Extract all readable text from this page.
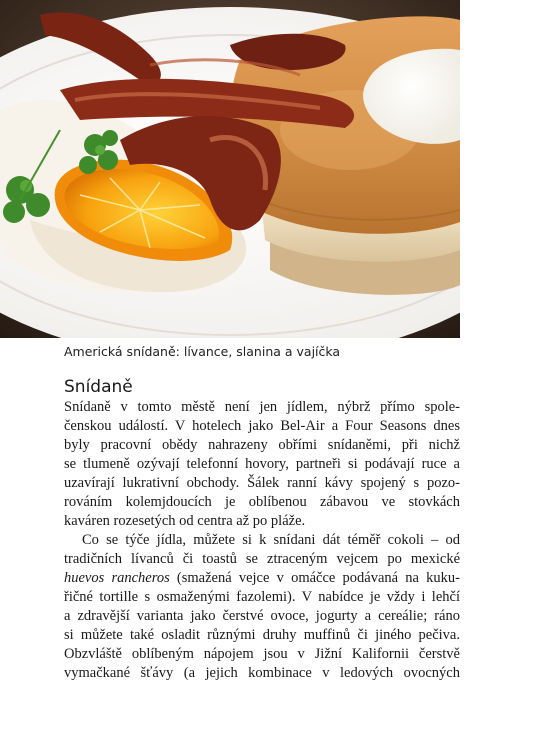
Americká snídaně: lívance, slanina a vajíčka
Snídaně
Snídaně v tomto městě není jen jídlem, nýbrž přímo spole-
čenskou událostí. V hotelech jako Bel-Air a Four Seasons dnes
byly pracovní obědy nahrazeny obřími snídaněmi, při nichž
se tlumeně ozývají telefonní hovory, partneři si podávají ruce a
uzavírají lukrativní obchody. Šálek ranní kávy spojený s pozo-
rováním kolemjdoucích je oblíbenou zábavou ve stovkách
kaváren rozesetých od centra až po pláže.
Co se týče jídla, můžete si k snídani dát téměř cokoli – od
tradičních lívanců či toastů se ztraceným vejcem po mexické
huevos rancheros (smažená vejce v omáčce podávaná na kuku-
řičné tortille s osmaženými fazolemi). V nabídce je vždy i lehčí
a zdravější varianta jako čerstvé ovoce, jogurty a cereálie; ráno
si můžete také osladit různými druhy muffinů či jiného pečiva.
Obzvláště oblíbeným nápojem jsou v Jižní Kalifornii čerstvě
vymačkané šťávy (a jejich kombinace v ledových ovocných
